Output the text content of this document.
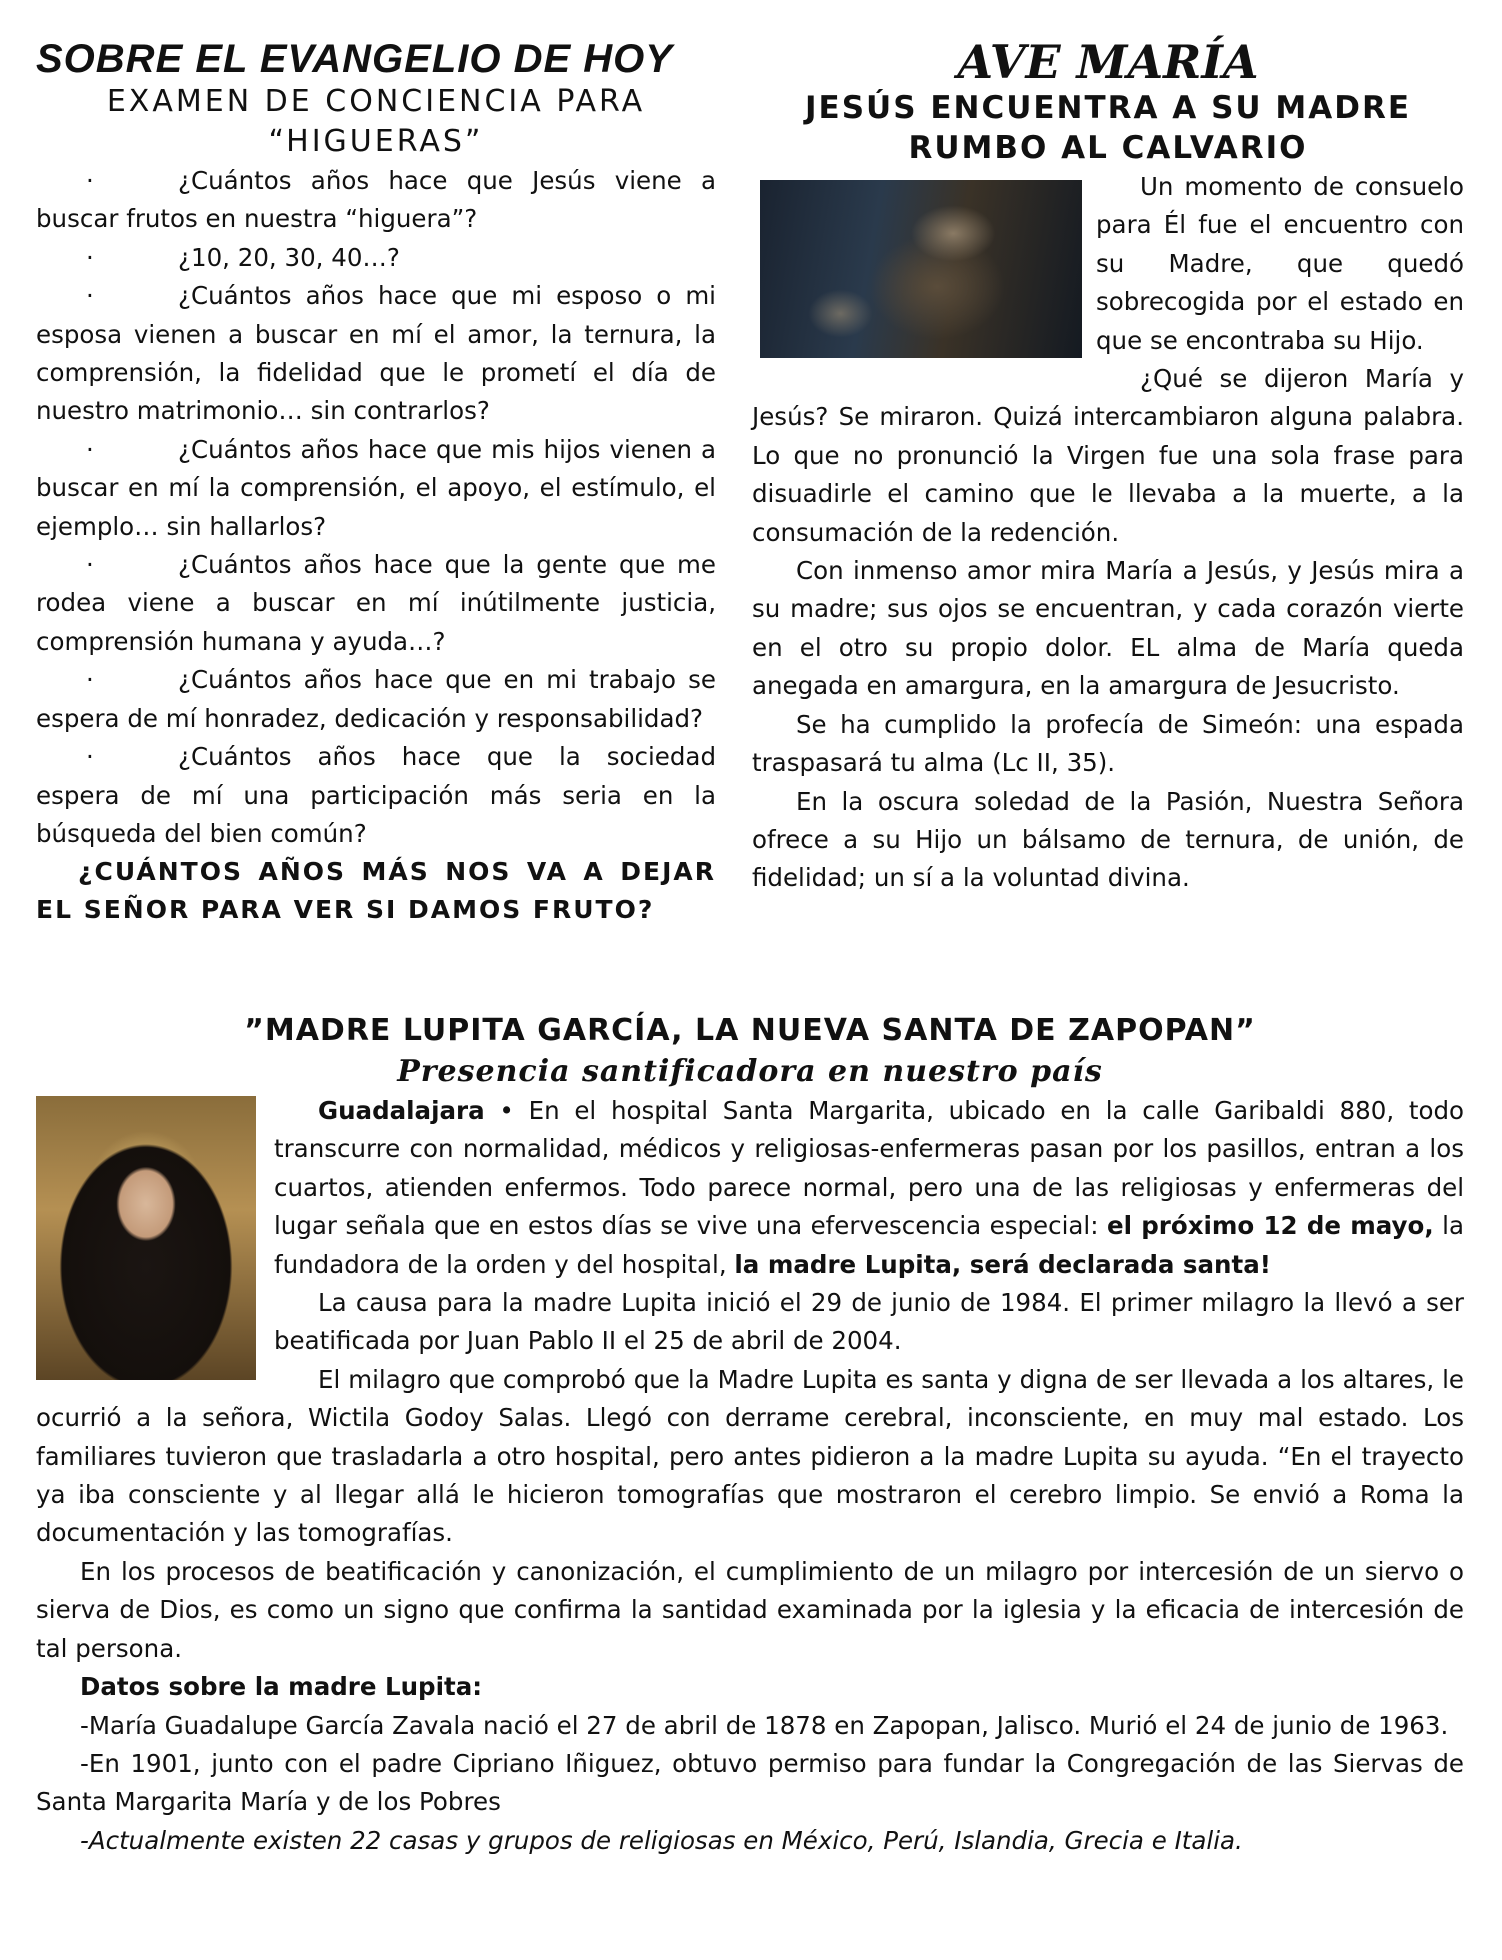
SOBRE EL EVANGELIO DE HOY
EXAMEN DE CONCIENCIA PARA
“HIGUERAS”

·	¿Cuántos años hace que Jesús viene a buscar frutos en nuestra “higuera”?

·	¿10, 20, 30, 40…?

·	¿Cuántos años hace que mi esposo o mi esposa vienen a buscar en mí el amor, la ternura, la comprensión, la fidelidad que le prometí el día de nuestro matrimonio… sin contrarlos?

·	¿Cuántos años hace que mis hijos vienen a buscar en mí la comprensión, el apoyo, el estímulo, el ejemplo… sin hallarlos?

·	¿Cuántos años hace que la gente que me rodea viene a buscar en mí inútilmente justicia, comprensión humana y ayuda…?

·	¿Cuántos años hace que en mi trabajo se espera de mí honradez, dedicación y responsabilidad?

·	¿Cuántos años hace que la sociedad espera de mí una participación más seria en la búsqueda del bien común?

¿CUÁNTOS AÑOS MÁS NOS VA A DEJAR EL SEÑOR PARA VER SI DAMOS FRUTO?

AVE MARÍA
JESÚS ENCUENTRA A SU MADRE
RUMBO AL CALVARIO

Un momento de consuelo para Él fue el encuentro con su Madre, que quedó sobrecogida por el estado en que se encontraba su Hijo.

¿Qué se dijeron María y Jesús? Se miraron. Quizá intercambiaron alguna palabra. Lo que no pronunció la Virgen fue una sola frase para disuadirle el camino que le llevaba a la muerte, a la consumación de la redención.

Con inmenso amor mira María a Jesús, y Jesús mira a su madre; sus ojos se encuentran, y cada corazón vierte en el otro su propio dolor. EL alma de María queda anegada en amargura, en la amargura de Jesucristo.

Se ha cumplido la profecía de Simeón: una espada traspasará tu alma (Lc II, 35).

En la oscura soledad de la Pasión, Nuestra Señora ofrece a su Hijo un bálsamo de ternura, de unión, de fidelidad; un sí a la voluntad divina.

”MADRE LUPITA GARCÍA, LA NUEVA SANTA DE ZAPOPAN”
Presencia santificadora en nuestro país

Guadalajara • En el hospital Santa Margarita, ubicado en la calle Garibaldi 880, todo transcurre con normalidad, médicos y religiosas-enfermeras pasan por los pasillos, entran a los cuartos, atienden enfermos. Todo parece normal, pero una de las religiosas y enfermeras del lugar señala que en estos días se vive una efervescencia especial: el próximo 12 de mayo, la fundadora de la orden y del hospital, la madre Lupita, será declarada santa!

La causa para la madre Lupita inició el 29 de junio de 1984. El primer milagro la llevó a ser beatificada por Juan Pablo II el 25 de abril de 2004.

El milagro que comprobó que la Madre Lupita es santa y digna de ser llevada a los altares, le ocurrió a la señora, Wictila Godoy Salas. Llegó con derrame cerebral, inconsciente, en muy mal estado. Los familiares tuvieron que trasladarla a otro hospital, pero antes pidieron a la madre Lupita su ayuda. “En el trayecto ya iba consciente y al llegar allá le hicieron tomografías que mostraron el cerebro limpio. Se envió a Roma la documentación y las tomografías.

En los procesos de beatificación y canonización, el cumplimiento de un milagro por intercesión de un siervo o sierva de Dios, es como un signo que confirma la santidad examinada por la iglesia y la eficacia de intercesión de tal persona.

Datos sobre la madre Lupita:

-María Guadalupe García Zavala nació el 27 de abril de 1878 en Zapopan, Jalisco. Murió el 24 de junio de 1963.

-En 1901, junto con el padre Cipriano Iñiguez, obtuvo permiso para fundar la Congregación de las Siervas de Santa Margarita María y de los Pobres

-Actualmente existen 22 casas y grupos de religiosas en México, Perú, Islandia, Grecia e Italia.
